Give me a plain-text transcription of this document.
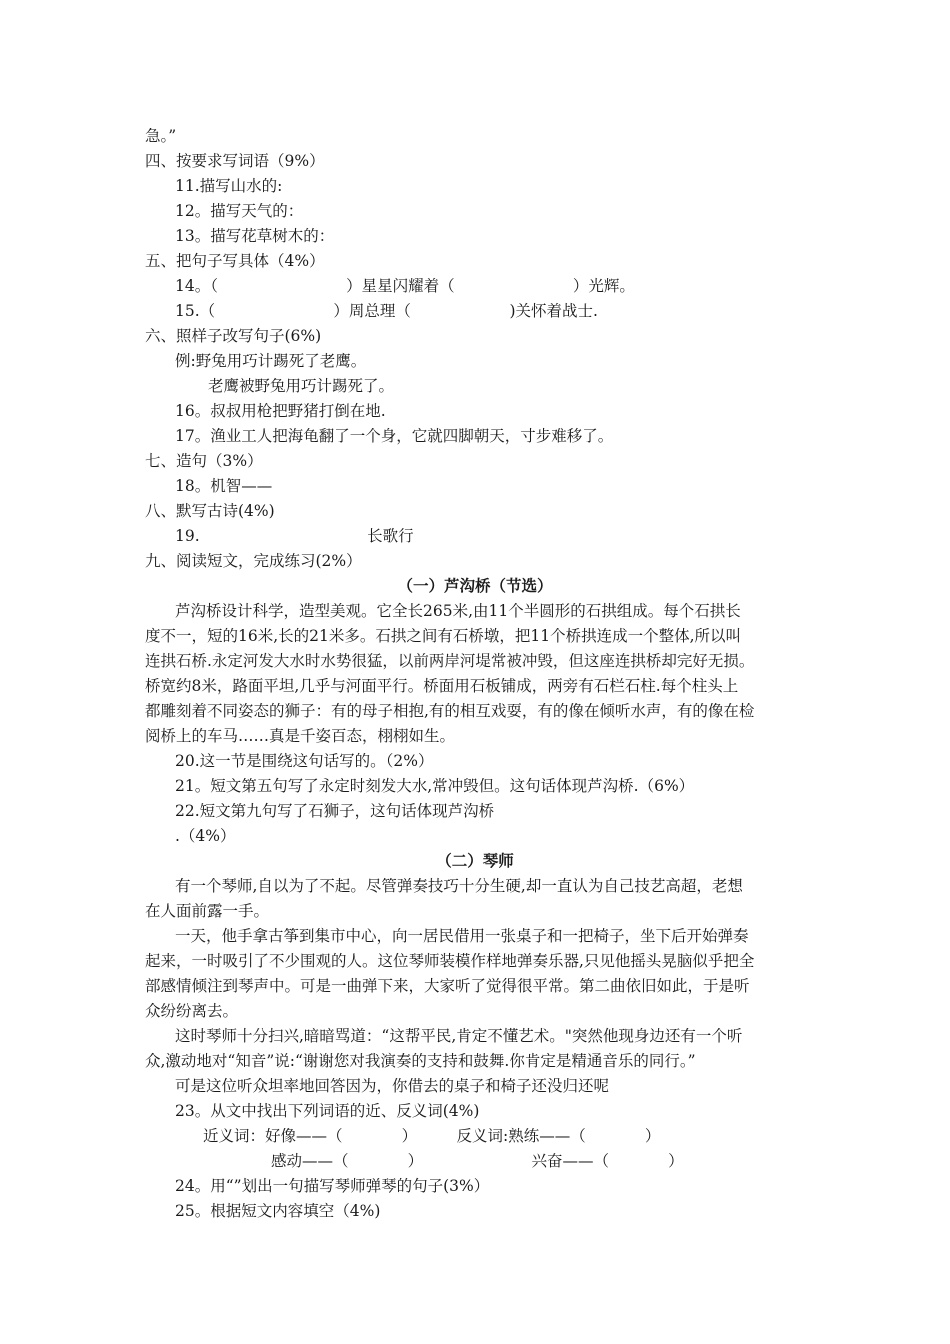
急。”
四、按要求写词语（9%）
11.描写山水的:
12。描写天气的：
13。描写花草树木的：
五、把句子写具体（4%）
14。（                          ）星星闪耀着（                        ）光辉。
15.（                        ）周总理（                    )关怀着战士.
六、照样子改写句子(6%)
例:野兔用巧计踢死了老鹰。
老鹰被野兔用巧计踢死了。
16。叔叔用枪把野猪打倒在地.
17。渔业工人把海龟翻了一个身，它就四脚朝天，寸步难移了。
七、造句（3%）
18。机智——
八、默写古诗(4%)
19.                                  长歌行
九、阅读短文，完成练习(2%）
（一）芦沟桥（节选）
芦沟桥设计科学，造型美观。它全长265米,由11个半圆形的石拱组成。每个石拱长
度不一，短的16米,长的21米多。石拱之间有石桥墩，把11个桥拱连成一个整体,所以叫
连拱石桥.永定河发大水时水势很猛，以前两岸河堤常被冲毁，但这座连拱桥却完好无损。
桥宽约8米，路面平坦,几乎与河面平行。桥面用石板铺成，两旁有石栏石柱.每个柱头上
都雕刻着不同姿态的狮子：有的母子相抱,有的相互戏耍，有的像在倾听水声，有的像在检
阅桥上的车马……真是千姿百态，栩栩如生。
20.这一节是围绕这句话写的。（2%）
21。短文第五句写了永定时刻发大水,常冲毁但。这句话体现芦沟桥.（6%）
22.短文第九句写了石狮子，这句话体现芦沟桥
.（4%）
（二）琴师
有一个琴师,自以为了不起。尽管弹奏技巧十分生硬,却一直认为自己技艺高超，老想
在人面前露一手。
一天，他手拿古筝到集市中心，向一居民借用一张桌子和一把椅子，坐下后开始弹奏
起来，一时吸引了不少围观的人。这位琴师装模作样地弹奏乐器,只见他摇头晃脑似乎把全
部感情倾注到琴声中。可是一曲弹下来，大家听了觉得很平常。第二曲依旧如此，于是听
众纷纷离去。
这时琴师十分扫兴,暗暗骂道：“这帮平民,肯定不懂艺术。"突然他现身边还有一个听
众,激动地对“知音”说:“谢谢您对我演奏的支持和鼓舞.你肯定是精通音乐的同行。”
可是这位听众坦率地回答因为，你借去的桌子和椅子还没归还呢
23。从文中找出下列词语的近、反义词(4%)
近义词：好像——（            ）        反义词:熟练——（            ）
感动——（            ）                      兴奋——（            ）
24。用“”划出一句描写琴师弹琴的句子(3%）
25。根据短文内容填空（4%)
